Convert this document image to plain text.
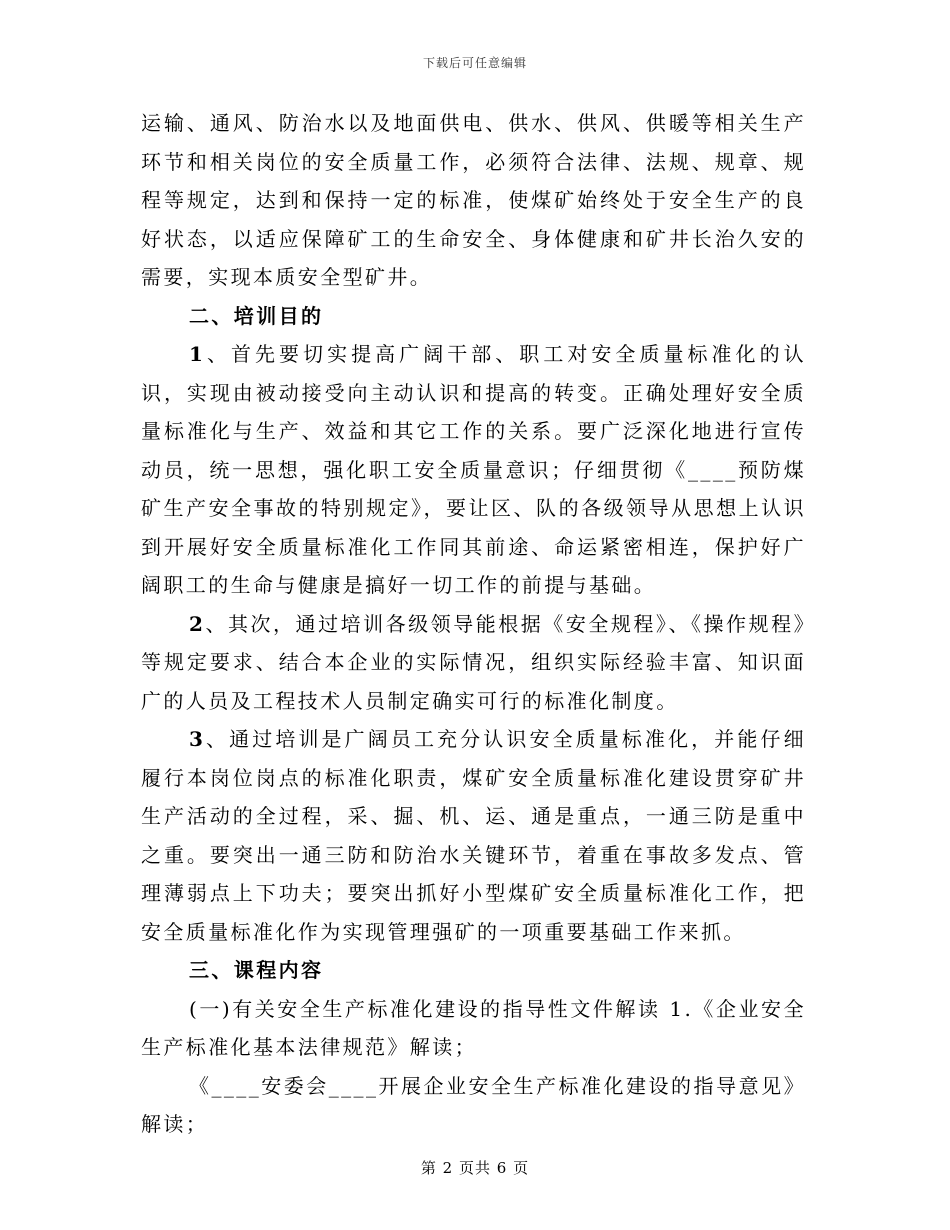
下载后可任意编辑

运输、通风、防治水以及地面供电、供水、供风、供暖等相关生产环节和相关岗位的安全质量工作，必须符合法律、法规、规章、规程等规定，达到和保持一定的标准，使煤矿始终处于安全生产的良好状态，以适应保障矿工的生命安全、身体健康和矿井长治久安的需要，实现本质安全型矿井。

二、培训目的

1、首先要切实提高广阔干部、职工对安全质量标准化的认识，实现由被动接受向主动认识和提高的转变。正确处理好安全质量标准化与生产、效益和其它工作的关系。要广泛深化地进行宣传动员，统一思想，强化职工安全质量意识；仔细贯彻《____预防煤矿生产安全事故的特别规定》，要让区、队的各级领导从思想上认识到开展好安全质量标准化工作同其前途、命运紧密相连，保护好广阔职工的生命与健康是搞好一切工作的前提与基础。

2、其次，通过培训各级领导能根据《安全规程》、《操作规程》等规定要求、结合本企业的实际情况，组织实际经验丰富、知识面广的人员及工程技术人员制定确实可行的标准化制度。

3、通过培训是广阔员工充分认识安全质量标准化，并能仔细履行本岗位岗点的标准化职责，煤矿安全质量标准化建设贯穿矿井生产活动的全过程，采、掘、机、运、通是重点，一通三防是重中之重。要突出一通三防和防治水关键环节，着重在事故多发点、管理薄弱点上下功夫；要突出抓好小型煤矿安全质量标准化工作，把安全质量标准化作为实现管理强矿的一项重要基础工作来抓。

三、课程内容

(一)有关安全生产标准化建设的指导性文件解读 1.《企业安全生产标准化基本法律规范》解读；

《____安委会____开展企业安全生产标准化建设的指导意见》解读；

第 2 页共 6 页
